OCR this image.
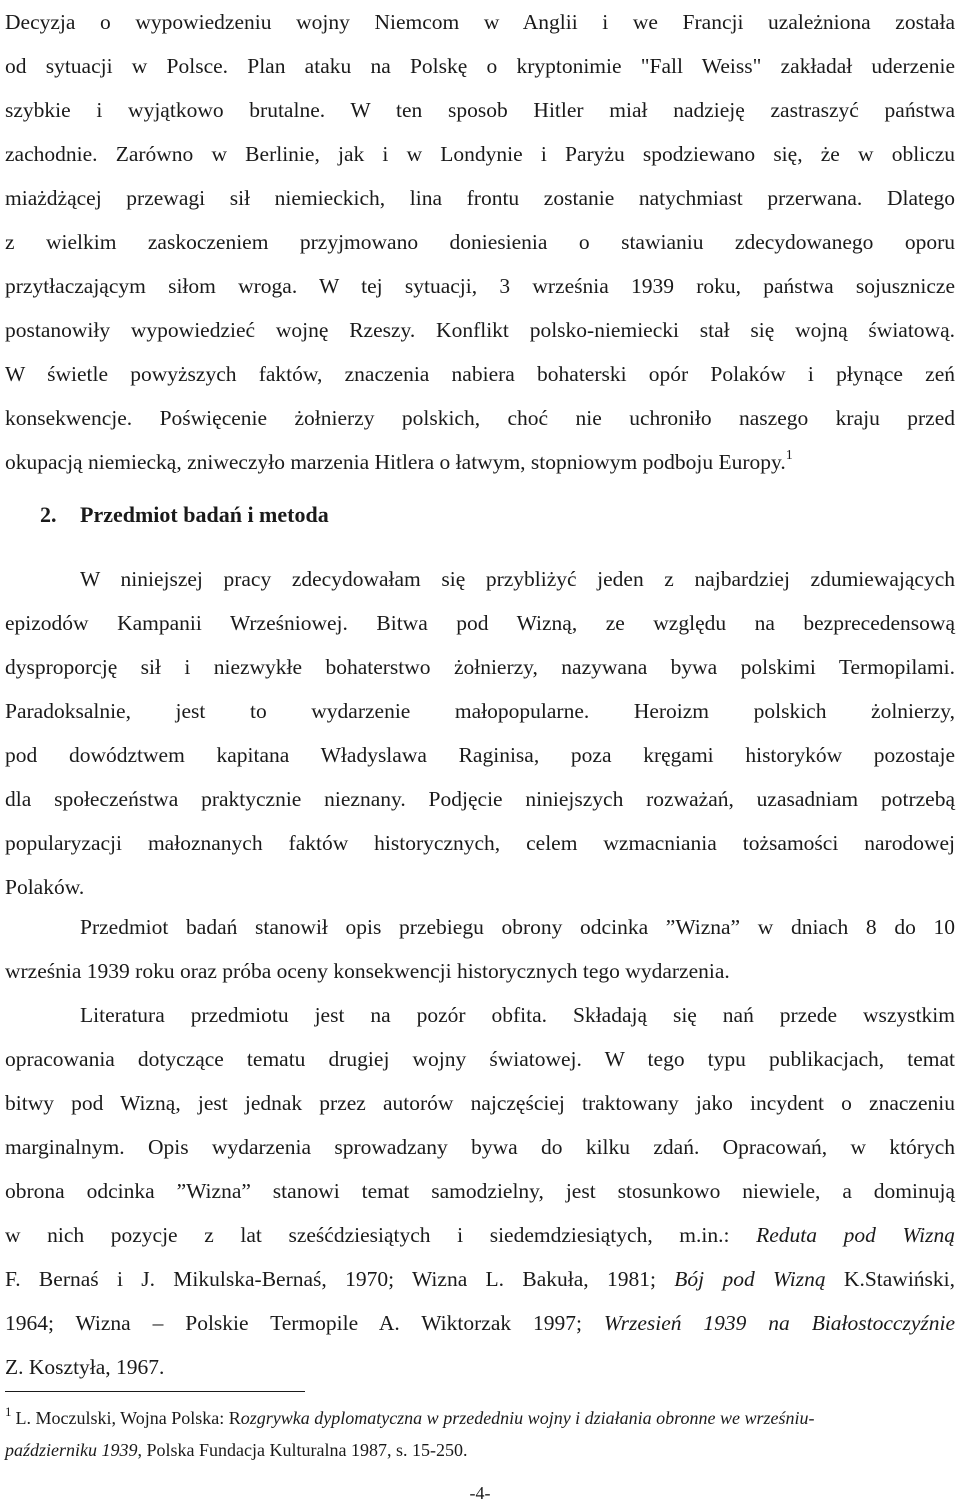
Decyzja o wypowiedzeniu wojny Niemcom w Anglii i we Francji uzależniona została
od sytuacji w Polsce. Plan ataku na Polskę o kryptonimie "Fall Weiss" zakładał uderzenie
szybkie i wyjątkowo brutalne. W ten sposob Hitler miał nadzieję zastraszyć państwa
zachodnie. Zarówno w Berlinie, jak i w Londynie i Paryżu spodziewano się, że w obliczu
miażdżącej przewagi sił niemieckich, lina frontu zostanie natychmiast przerwana. Dlatego
z wielkim zaskoczeniem przyjmowano doniesienia o stawianiu zdecydowanego oporu
przytłaczającym siłom wroga. W tej sytuacji, 3 września 1939 roku, państwa sojusznicze
postanowiły wypowiedzieć wojnę Rzeszy. Konflikt polsko-niemiecki stał się wojną światową.
W świetle powyższych faktów, znaczenia nabiera bohaterski opór Polaków i płynące zeń
konsekwencje. Poświęcenie żołnierzy polskich, choć nie uchroniło naszego kraju przed
okupacją niemiecką, zniweczyło marzenia Hitlera o łatwym, stopniowym podboju Europy.$^1$
2. Przedmiot badań i metoda
W niniejszej pracy zdecydowałam się przybliżyć jeden z najbardziej zdumiewających
epizodów Kampanii Wrześniowej. Bitwa pod Wizną, ze względu na bezprecedensową
dysproporcję sił i niezwykłe bohaterstwo żołnierzy, nazywana bywa polskimi Termopilami.
Paradoksalnie, jest to wydarzenie małopopularne. Heroizm polskich żolnierzy,
pod dowództwem kapitana Władyslawa Raginisa, poza kręgami historyków pozostaje
dla społeczeństwa praktycznie nieznany. Podjęcie niniejszych rozważań, uzasadniam potrzebą
popularyzacji małoznanych faktów historycznych, celem wzmacniania tożsamości narodowej
Polaków.
Przedmiot badań stanowił opis przebiegu obrony odcinka ”Wizna” w dniach 8 do 10
września 1939 roku oraz próba oceny konsekwencji historycznych tego wydarzenia.
Literatura przedmiotu jest na pozór obfita. Składają się nań przede wszystkim
opracowania dotyczące tematu drugiej wojny światowej. W tego typu publikacjach, temat
bitwy pod Wizną, jest jednak przez autorów najczęściej traktowany jako incydent o znaczeniu
marginalnym. Opis wydarzenia sprowadzany bywa do kilku zdań. Opracowań, w których
obrona odcinka ”Wizna” stanowi temat samodzielny, jest stosunkowo niewiele, a dominują
w nich pozycje z lat sześćdziesiątych i siedemdziesiątych, m.in.: Reduta pod Wizną
F. Bernaś i J. Mikulska-Bernaś, 1970; Wizna L. Bakuła, 1981; Bój pod Wizną K.Stawiński,
1964; Wizna – Polskie Termopile A. Wiktorzak 1997; Wrzesień 1939 na Białostocczyźnie
Z. Kosztyła, 1967.
$^1$ L. Moczulski, Wojna Polska: Rozgrywka dyplomatyczna w przededniu wojny i działania obronne we wrześniu-
październiku 1939, Polska Fundacja Kulturalna 1987, s. 15-250.
-4-
